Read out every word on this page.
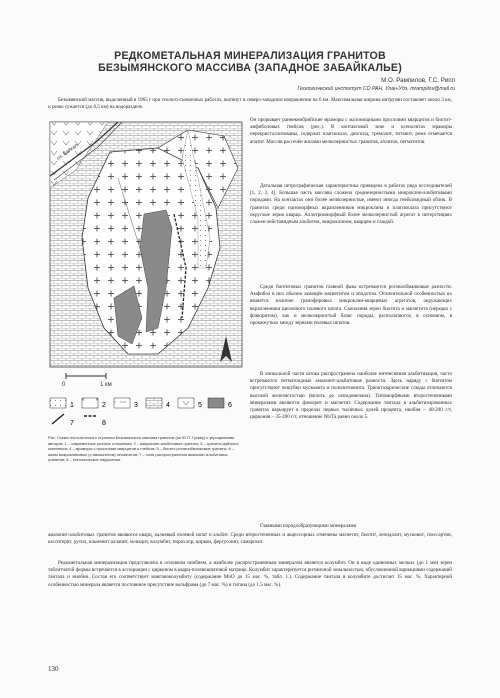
РЕДКОМЕТАЛЬНАЯ МИНЕРАЛИЗАЦИЯ ГРАНИТОВ
БЕЗЫМЯНСКОГО МАССИВА (ЗАПАДНОЕ ЗАБАЙКАЛЬЕ)
М.О. Рампилов, Г.С. Рипп
Геологический институт СО РАН, Улан-Удэ, mrampilov@mail.ru

Безымянский массив, выделенный в 1965 г при геолого-съемочных работах, вытянут в северо-западном направлении на 6 км. Максимальная ширина интрузии составляет около 3 км, и резко сужается (до 0,5 км) на водоразделе.

оз. Байкал
0	1 км
1	2	3	4	5	6
7	8

Рис. Схема геологического строения Безымянского массива гранитов (по Ю.П. Гусеву) с упрощениями авторов. 1 – современные рыхлые отложения; 2 – микроклин-альбитовые граниты; 3 – граниты муйского комплекса; 4 – мраморы с прослоями кварцитов и гнейсов; 5 – биотит-роговообманковые граниты; 6 – жилы микроклиновых (с амазонитом) пегматитов; 7 – поля распространения амазонит-альбитовых гранитов; 8 – тектонические нарушения.

Он прорывает раннекембрийские мраморы с маломощными прослоями кварцитов и биотит-амфиболовых гнейсов (рис.). В контактовой зоне и ксенолитах мраморы перекристаллизованы, содержат плагиоклаз, диопсид, тремолит, титанит, реже отмечается апатит. Массив рассечён жилами мелкозернистых гранитов, аплитов, пегматитов.

Детальная петрографическая характеристика приведена в работах ряда исследователей [1, 2, 3, 4]. Большая часть массива сложена среднезернистыми микроклин-альбитовыми породами. На контактах они более мелкозернистые, имеют иногда гнейсовидный облик. В гранитах среди идиоморфных вкрапленников микроклина и плагиоклаза присутствуют округлые зерна кварца. Аллотриоморфный более мелкозернистый агрегат в интерстициях сложен лейстовидным альбитом, микроклином, кварцем и слюдой.

Среди биотитовых гранитов главной фазы встречаются роговообманковые разности. Амфибол в них обычно замещён магнетитом и эпидотом. Отличительной особенностью их является наличие гранофировых микроклин-кварцевых агрегатов, окружающих вкрапленники щелочного полевого шпата. Скопления зерен биотита и магнетита (нередко с флюоритом), как и мелкозернистый базис породы, располагаются, в основном, в промежутках между зернами полевых шпатов.

В апикальной части штока распространена наиболее интенсивная альбитизация, часто встречаются пегматоидные амазонит-альбитовые разности. Здесь наряду с биотитом присутствуют чешуйки мусковита и полилитионита. Триоктаэдрические слюды отличаются высокой железистостью (вплоть до лепидомелана). Типоморфными второстепенными минералами являются флюорит и магнетит. Содержание тантала в альбитизированных гранитах варьирует в пределах первых тысячных долей процента, ниобия – 40-200 г/т, циркония – 35-200 г/т, отношение Nb/Ta равно около 5.

Главными породообразующими минералами

амазонит-альбитовых гранитов являются кварц, калиевый полевой шпат и альбит. Среди второстепенных и акцессорных отмечены магнетит, биотит, лепидолит, мусковит, спессартин, касситерит, рутил, ильменит алланит, монацит, колумбит, пирохлор, циркон, фергусонит, самарскит.

Редкометальная минерализация представлена в основном ниобием, а наиболее распространенным минералом является колумбит. Он в виде одиночных мелких (до 1 мм) зерен таблитчатой формы встречается в ассоциации с цирконом в кварц-полевошпатовой матрице. Колумбит характеризуется ритмичной зональностью, обусловленной вариациями содержаний тантала и ниобия. Состав его соответствует манганоколумбиту (содержание MnO до 15 мас. %, табл. 1.). Содержание тантала в колумбите достигает 15 мас. %. Характерной особенностью минерала является постоянное присутствие вольфрама (до 7 мас. %) и титана (до 1,5 мас. %).

130
